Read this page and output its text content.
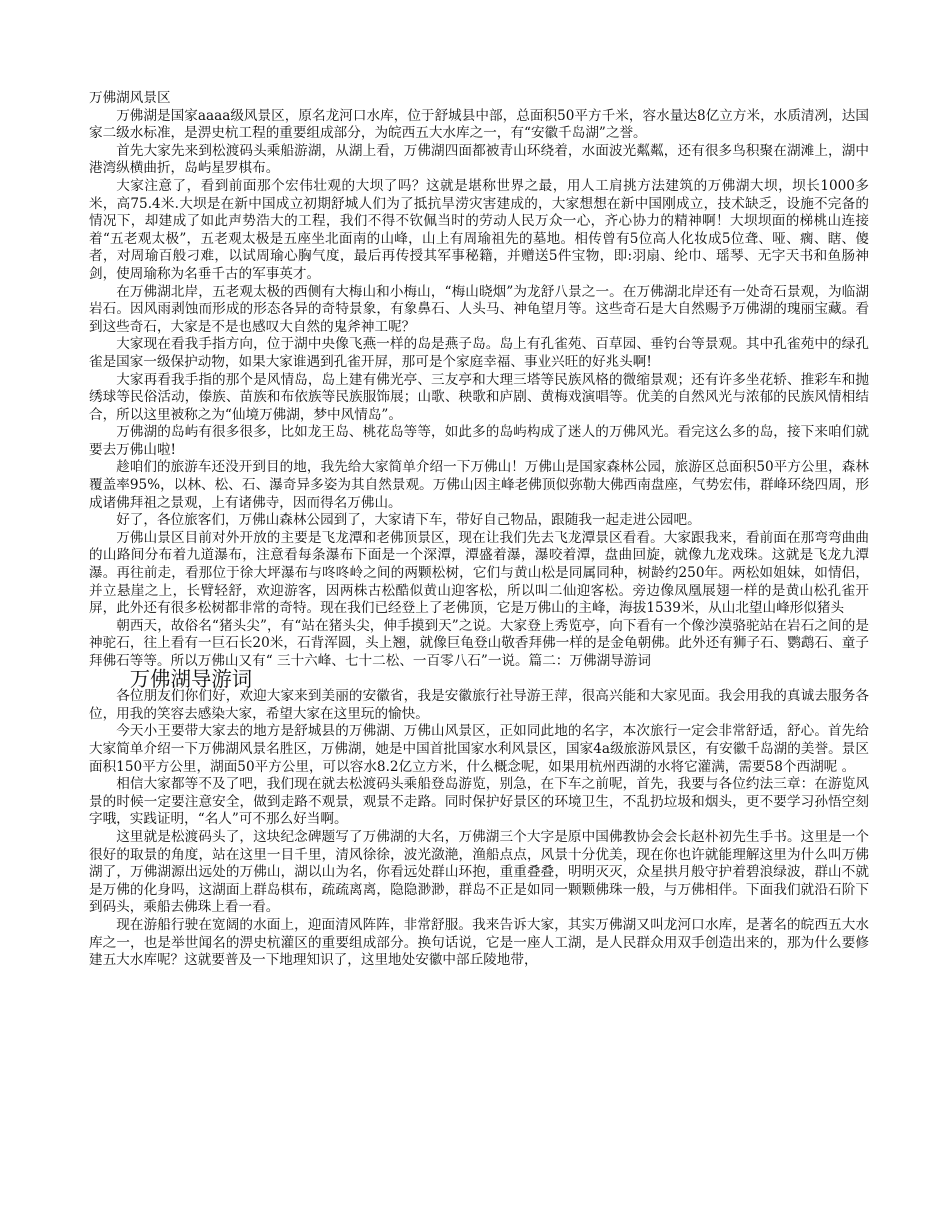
万佛湖风景区

万佛湖是国家aaaa级风景区，原名龙河口水库，位于舒城县中部，总面积50平方千米，容水量达8亿立方米，水质清冽，达国家二级水标准，是淠史杭工程的重要组成部分，为皖西五大水库之一，有“安徽千岛湖”之誉。

首先大家先来到松渡码头乘船游湖，从湖上看，万佛湖四面都被青山环绕着，水面波光粼粼，还有很多鸟积聚在湖滩上，湖中港湾纵横曲折，岛屿星罗棋布。

大家注意了，看到前面那个宏伟壮观的大坝了吗？这就是堪称世界之最，用人工肩挑方法建筑的万佛湖大坝，坝长1000多米，高75.4米.大坝是在新中国成立初期舒城人们为了抵抗旱涝灾害建成的，大家想想在新中国刚成立，技术缺乏，设施不完备的情况下，却建成了如此声势浩大的工程，我们不得不钦佩当时的劳动人民万众一心，齐心协力的精神啊！大坝坝面的梯桃山连接着“五老观太极”，五老观太极是五座坐北面南的山峰，山上有周瑜祖先的墓地。相传曾有5位高人化妆成5位聋、哑、瘸、瞎、傻者，对周瑜百般刁难，以试周瑜心胸气度，最后再传授其军事秘籍，并赠送5件宝物，即:羽扇、纶巾、瑶琴、无字天书和鱼肠神剑，使周瑜称为名垂千古的军事英才。

在万佛湖北岸，五老观太极的西侧有大梅山和小梅山，“梅山晓烟”为龙舒八景之一。在万佛湖北岸还有一处奇石景观，为临湖岩石。因风雨剥蚀而形成的形态各异的奇特景象，有象鼻石、人头马、神龟望月等。这些奇石是大自然赐予万佛湖的瑰丽宝藏。看到这些奇石，大家是不是也感叹大自然的鬼斧神工呢？

大家现在看我手指方向，位于湖中央像飞燕一样的岛是燕子岛。岛上有孔雀苑、百草园、垂钓台等景观。其中孔雀苑中的绿孔雀是国家一级保护动物，如果大家谁遇到孔雀开屏，那可是个家庭幸福、事业兴旺的好兆头啊!

大家再看我手指的那个是风情岛，岛上建有佛光亭、三友亭和大理三塔等民族风格的微缩景观；还有许多坐花轿、推彩车和抛绣球等民俗活动，傣族、苗族和布依族等民族服饰展；山歌、秧歌和庐剧、黄梅戏演唱等。优美的自然风光与浓郁的民族风情相结合，所以这里被称之为“仙境万佛湖，梦中风情岛”。

万佛湖的岛屿有很多很多，比如龙王岛、桃花岛等等，如此多的岛屿构成了迷人的万佛风光。看完这么多的岛，接下来咱们就要去万佛山啦!

趁咱们的旅游车还没开到目的地，我先给大家简单介绍一下万佛山！万佛山是国家森林公园，旅游区总面积50平方公里，森林覆盖率95%，以林、松、石、瀑奇异多姿为其自然景观。万佛山因主峰老佛顶似弥勒大佛西南盘座，气势宏伟，群峰环绕四周，形成诸佛拜祖之景观，上有诸佛寺，因而得名万佛山。

好了，各位旅客们，万佛山森林公园到了，大家请下车，带好自己物品，跟随我一起走进公园吧。

万佛山景区目前对外开放的主要是飞龙潭和老佛顶景区，现在让我们先去飞龙潭景区看看。大家跟我来，看前面在那弯弯曲曲的山路间分布着九道瀑布，注意看每条瀑布下面是一个深潭，潭盛着瀑，瀑咬着潭，盘曲回旋，就像九龙戏珠。这就是飞龙九潭瀑。再往前走，看那位于徐大坪瀑布与咚咚岭之间的两颗松树，它们与黄山松是同属同种，树龄约250年。两松如姐妹，如情侣，并立悬崖之上，长臂轻舒，欢迎游客，因两株古松酷似黄山迎客松，所以叫二仙迎客松。旁边像凤凰展翅一样的是黄山松孔雀开屏，此外还有很多松树都非常的奇特。现在我们已经登上了老佛顶，它是万佛山的主峰，海拔1539米，从山北望山峰形似猪头

朝西天，故俗名“猪头尖”，有“站在猪头尖，伸手摸到天”之说。大家登上秀览亭，向下看有一个像沙漠骆驼站在岩石之间的是神驼石，往上看有一巨石长20米，石背浑圆，头上翘，就像巨龟登山敬香拜佛一样的是金龟朝佛。此外还有狮子石、鹦鹉石、童子拜佛石等等。所以万佛山又有“ 三十六峰、七十二松、一百零八石”一说。篇二：万佛湖导游词

万佛湖导游词

各位朋友们你们好，欢迎大家来到美丽的安徽省，我是安徽旅行社导游王萍，很高兴能和大家见面。我会用我的真诚去服务各位，用我的笑容去感染大家，希望大家在这里玩的愉快。

今天小王要带大家去的地方是舒城县的万佛湖、万佛山风景区，正如同此地的名字，本次旅行一定会非常舒适，舒心。首先给大家简单介绍一下万佛湖风景名胜区，万佛湖，她是中国首批国家水利风景区，国家4a级旅游风景区，有安徽千岛湖的美誉。景区面积150平方公里，湖面50平方公里，可以容水8.2亿立方米，什么概念呢，如果用杭州西湖的水将它灌满，需要58个西湖呢 。

相信大家都等不及了吧，我们现在就去松渡码头乘船登岛游览，别急，在下车之前呢，首先，我要与各位约法三章：在游览风景的时候一定要注意安全，做到走路不观景，观景不走路。同时保护好景区的环境卫生，不乱扔垃圾和烟头，更不要学习孙悟空刻字哦，实践证明，“名人”可不那么好当啊。

这里就是松渡码头了，这块纪念碑题写了万佛湖的大名，万佛湖三个大字是原中国佛教协会会长赵朴初先生手书。这里是一个很好的取景的角度，站在这里一目千里，清风徐徐，波光潋滟，渔船点点，风景十分优美，现在你也许就能理解这里为什么叫万佛湖了，万佛湖源出远处的万佛山，湖以山为名，你看远处群山环抱，重重叠叠，明明灭灭，众星拱月般守护着碧浪绿波，群山不就是万佛的化身吗，这湖面上群岛棋布，疏疏离离，隐隐渺渺，群岛不正是如同一颗颗佛珠一般，与万佛相伴。下面我们就沿石阶下到码头，乘船去佛珠上看一看。

现在游船行驶在宽阔的水面上，迎面清风阵阵，非常舒服。我来告诉大家，其实万佛湖又叫龙河口水库，是著名的皖西五大水库之一，也是举世闻名的淠史杭灌区的重要组成部分。换句话说，它是一座人工湖，是人民群众用双手创造出来的，那为什么要修建五大水库呢？这就要普及一下地理知识了，这里地处安徽中部丘陵地带，
